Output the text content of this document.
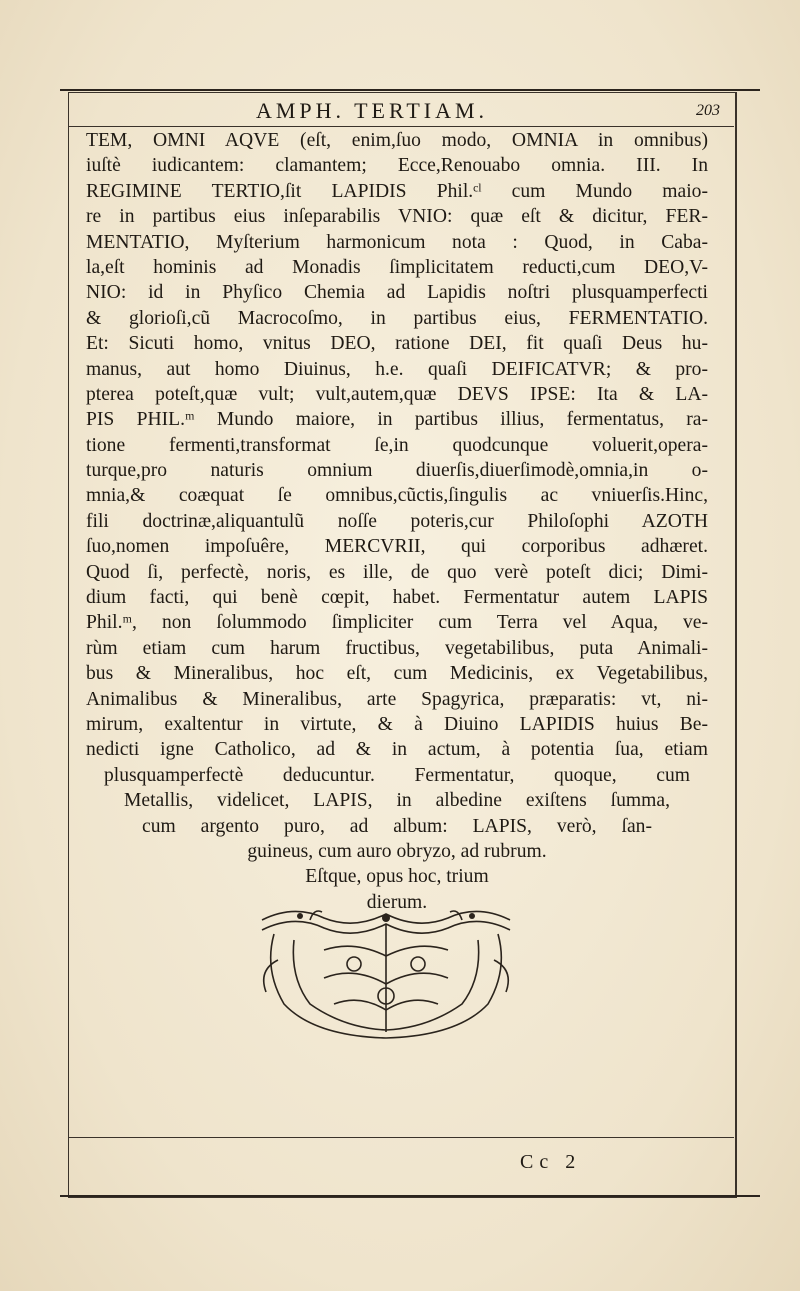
AMPH. TERTIAM.	203
TEM, OMNI AQVE (eſt, enim,ſuo modo, OMNIA in omnibus)
iuſtè iudicantem: clamantem; Ecce,Renouabo omnia. III. In
REGIMINE TERTIO,ſit LAPIDIS Phil.ᶜˡ cum Mundo maio-
re in partibus eius inſeparabilis VNIO: quæ eſt & dicitur, FER-
MENTATIO, Myſterium harmonicum nota : Quod, in Caba-
la,eſt hominis ad Monadis ſimplicitatem reducti,cum DEO,V-
NIO: id in Phyſico Chemia ad Lapidis noſtri plusquamperfecti
& glorioſi,cũ Macrocoſmo, in partibus eius, FERMENTATIO.
Et: Sicuti homo, vnitus DEO, ratione DEI, fit quaſi Deus hu-
manus, aut homo Diuinus, h.e. quaſi DEIFICATVR; & pro-
pterea poteſt,quæ vult; vult,autem,quæ DEVS IPSE: Ita & LA-
PIS PHIL.ᵐ Mundo maiore, in partibus illius, fermentatus, ra-
tione fermenti,transformat ſe,in quodcunque voluerit,opera-
turque,pro naturis omnium diuerſis,diuerſimodè,omnia,in o-
mnia,& coæquat ſe omnibus,cũctis,ſingulis ac vniuerſis.Hinc,
fili doctrinæ,aliquantulũ noſſe poteris,cur Philoſophi AZOTH
ſuo,nomen impoſuêre, MERCVRII, qui corporibus adhæret.
Quod ſi, perfectè, noris, es ille, de quo verè poteſt dici; Dimi-
dium facti, qui benè cœpit, habet. Fermentatur autem LAPIS
Phil.ᵐ, non ſolummodo ſimpliciter cum Terra vel Aqua, ve-
rùm etiam cum harum fructibus, vegetabilibus, puta Animali-
bus & Mineralibus, hoc eſt, cum Medicinis, ex Vegetabilibus,
Animalibus & Mineralibus, arte Spagyrica, præparatis: vt, ni-
mirum, exaltentur in virtute, & à Diuino LAPIDIS huius Be-
nedicti igne Catholico, ad & in actum, à potentia ſua, etiam
plusquamperfectè deducuntur. Fermentatur, quoque, cum
Metallis, videlicet, LAPIS, in albedine exiſtens ſumma,
cum argento puro, ad album: LAPIS, verò, ſan-
guineus, cum auro obryzo, ad rubrum.
Eſtque, opus hoc, trium
dierum.
Cc 2
